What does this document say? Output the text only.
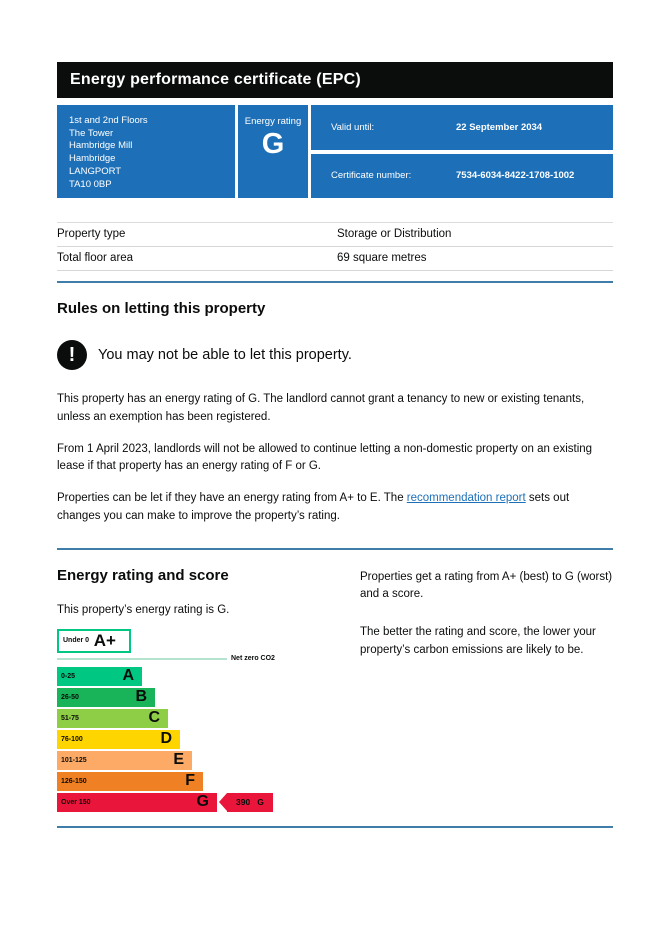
Energy performance certificate (EPC)
1st and 2nd Floors
The Tower
Hambridge Mill
Hambridge
LANGPORT
TA10 0BP
Energy rating
G
Valid until:	22 September 2034
Certificate number:	7534-6034-8422-1708-1002
Property type	Storage or Distribution
Total floor area	69 square metres
Rules on letting this property
!	You may not be able to let this property.

This property has an energy rating of G. The landlord cannot grant a tenancy to new or existing tenants, unless an exemption has been registered.

From 1 April 2023, landlords will not be allowed to continue letting a non-domestic property on an existing lease if that property has an energy rating of F or G.

Properties can be let if they have an energy rating from A+ to E. The recommendation report sets out changes you can make to improve the property’s rating.

Energy rating and score

This property’s energy rating is G.

Under 0 A+
Net zero CO2
0-25	A
26-50	B
51-75	C
76-100	D
101-125	E
126-150	F
Over 150	G	390 G

Properties get a rating from A+ (best) to G (worst) and a score.

The better the rating and score, the lower your property’s carbon emissions are likely to be.
